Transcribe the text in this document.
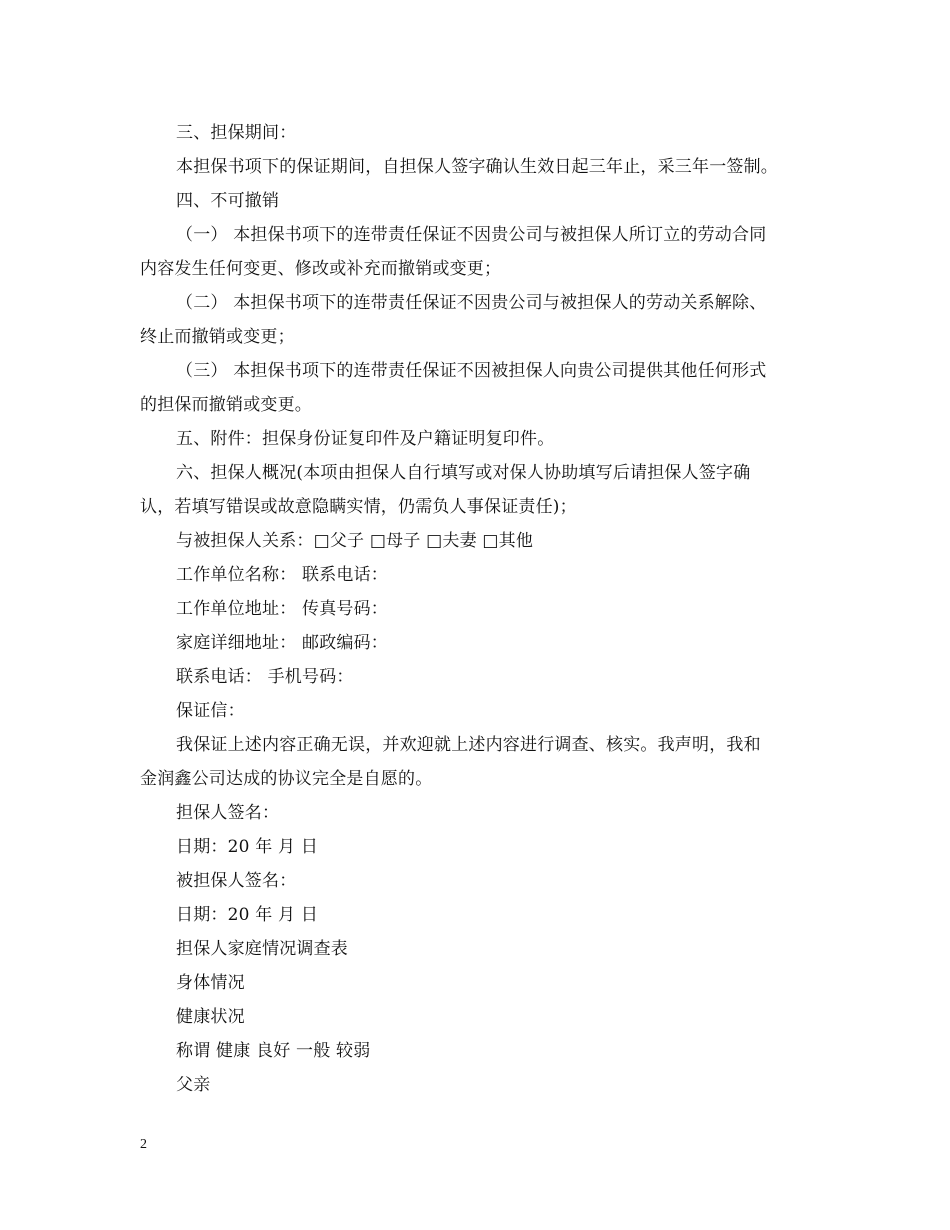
三、担保期间：
本担保书项下的保证期间，自担保人签字确认生效日起三年止，采三年一签制。
四、不可撤销
（一） 本担保书项下的连带责任保证不因贵公司与被担保人所订立的劳动合同
内容发生任何变更、修改或补充而撤销或变更；
（二） 本担保书项下的连带责任保证不因贵公司与被担保人的劳动关系解除、
终止而撤销或变更；
（三） 本担保书项下的连带责任保证不因被担保人向贵公司提供其他任何形式
的担保而撤销或变更。
五、附件：担保身份证复印件及户籍证明复印件。
六、担保人概况(本项由担保人自行填写或对保人协助填写后请担保人签字确
认，若填写错误或故意隐瞒实情，仍需负人事保证责任)；
与被担保人关系：□父子 □母子 □夫妻 □其他
工作单位名称： 联系电话：
工作单位地址： 传真号码：
家庭详细地址： 邮政编码：
联系电话： 手机号码：
保证信：
我保证上述内容正确无误，并欢迎就上述内容进行调查、核实。我声明，我和
金润鑫公司达成的协议完全是自愿的。
担保人签名：
日期：20 年 月 日
被担保人签名：
日期：20 年 月 日
担保人家庭情况调查表
身体情况
健康状况
称谓 健康 良好 一般 较弱
父亲
2
